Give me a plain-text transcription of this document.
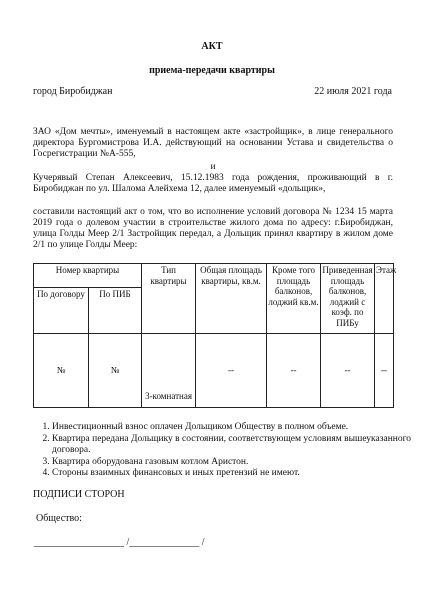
АКТ
приема-передачи квартиры
город Биробиджан	22 июля 2021 года
ЗАО «Дом мечты», именуемый в настоящем акте «застройщик», в лице генерального директора Бургомистрова И.А. действующий на основании Устава и свидетельства о Госрегистрации №А-555,
и
Кучерявый Степан Алексеевич, 15.12.1983 года рождения, проживающий в г. Биробиджан по ул. Шалома Алейхема 12, далее именуемый «дольщик»,
составили настоящий акт о том, что во исполнение условий договора № 1234 15 марта 2019 года о долевом участии в строительстве жилого дома по адресу: г.Биробиджан, улица Голды Меер 2/1 Застройщик передал, а Дольщик принял квартиру в жилом доме 2/1 по улице Голды Меер:
Номер квартиры		Тип квартиры	Общая площадь квартиры, кв.м.	Кроме того площадь балконов, лоджий кв.м.	Приведенная площадь балконов, лоджий с коэф. по ПИБу	Этаж
По договору	По ПИБ					
№	№	3-комнатная	--	--	--	--
1. Инвестиционный взнос оплачен Дольщиком Обществу в полном объеме.
2. Квартира передана Дольщику в состоянии, соответствующем условиям вышеуказанного договора.
3. Квартира оборудована газовым котлом Аристон.
4. Стороны взаимных финансовых и иных претензий не имеют.
ПОДПИСИ СТОРОН
Общество:
__________________ /______________ /
